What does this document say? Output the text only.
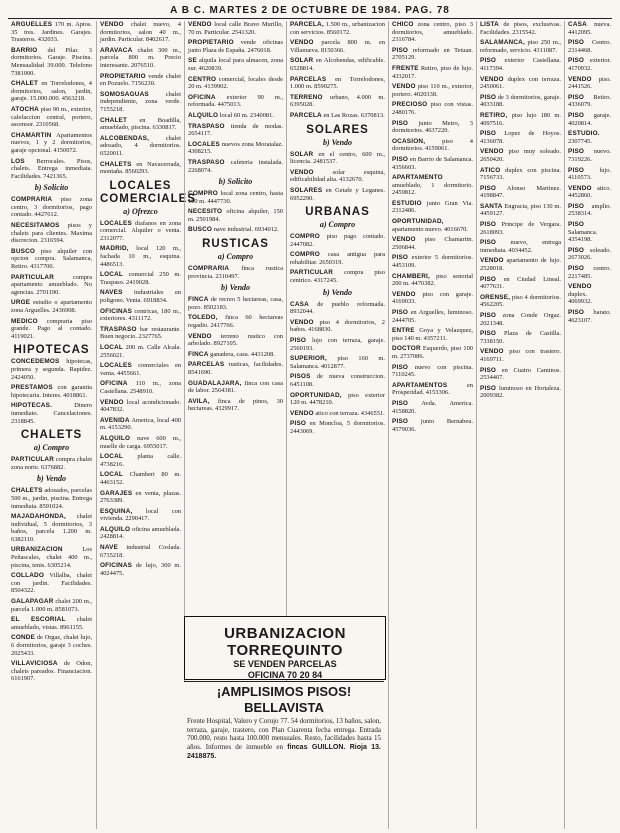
A B C. MARTES 2 DE OCTUBRE DE 1984. PAG. 78
ARGUELLES 170 m. Aptos. 35 tres. Jardines. Garajes. Trasteros. 432033.
BARRIO del Pilar. 3 dormitorios. Garaje. Piscina. Mensualidad 39.000. Telefono 7381000.
CHALET en Torrelodones, 4 dormitorios, salon, jardin, garaje. 15.000.000. 4563218.
ATOCHA piso 90 m., exterior, calefaccion central, portero, ascensor. 2310568.
CHAMARTIN Apartamentos nuevos, 1 y 2 dormitorios, garaje opcional. 4150072.
LOS Berrocales. Pisos, chalets. Entrega inmediata. Facilidades. 7421365.
b) Solicito
COMPRARIA piso zona centro, 3 dormitorios, pago contado. 4427612.
NECESITAMOS pisos y chalets para clientes. Maxima discrecion. 2316594.
BUSCO piso alquiler con opcion compra. Salamanca, Retiro. 4317700.
PARTICULAR	compra apartamento amueblado. No agencias. 2701190.
URGE estudio o apartamento zona Arguelles. 2436908.
MEDICO compraria piso grande. Pago al contado. 4119021.
HIPOTECAS
CONCEDEMOS hipotecas, primera y segunda. Rapidez. 2424050.
PRESTAMOS con garantia hipotecaria. Interes. 4018861.
HIPOTECAS.	Dinero inmediato. Cancelaciones. 2318845.
CHALETS
a) Compro
PARTICULAR compra chalet zona norte. 6376882.
b) Vendo
CHALETS adosados, parcelas 500 m., jardin, piscina. Entrega inmediata. 8591024.
MAJADAHONDA, chalet individual, 5 dormitorios, 3 baños, parcela 1.200 m. 6382110.
URBANIZACION	Los Peñascales, chalet 400 m., piscina, tenis. 6305214.
COLLADO Villalba, chalet con jardin. Facilidades. 8504322.
GALAPAGAR chalet 200 m., parcela 1.000 m. 8581073.
EL ESCORIAL chalet amueblado, vistas. 8961155.
CONDE de Orgaz, chalet lujo, 6 dormitorios, garaje 3 coches. 2025433.
VILLAVICIOSA de Odon, chalets pareados. Financiacion. 6161907.
VENDO chalet nuevo, 4 dormitorios, salon 40 m., jardin. Particular. 8402617.
ARAVACA chalet 300 m., parcela 800 m. Precio interesante. 2076510.
PROPIETARIO vende chalet en Pozuelo. 7156230.
SOMOSAGUAS	chalet independiente, zona verde. 7155218.
CHALET en Boadilla, amueblado, piscina. 6330817.
ALCOBENDAS,	chalet adosado, 4 dormitorios. 6520011.
CHALETS en Navacerrada, montaña. 8560293.
LOCALES COMERCIALES
a) Ofrezco
LOCALES diafanos en zona comercial. Alquiler o venta. 2312077.
MADRID, local 120 m., fachada 10 m., esquina. 4486513.
LOCAL comercial 250 m. Traspaso. 2419028.
NAVES industriales en poligono. Venta. 6918834.
OFICINAS centricas, 180 m., exteriores. 4311172.
TRASPASO bar restaurante. Buen negocio. 2327765.
LOCAL 200 m. Calle Alcala. 2556021.
LOCALES comerciales en venta. 4455661.
OFICINA 110 m., zona Castellana. 2548910.
VENDO local acondicionado. 4047832.
AVENIDA America, local 400 m. 4153290.
ALQUILO nave 600 m., muelle de carga. 6955017.
LOCAL planta calle. 4738216.
LOCAL Chamberi 80 m. 4463152.
GARAJES en venta, plazas. 2763389.
ESQUINA, local con vivienda. 2290417.
ALQUILO oficina amueblada. 2428814.
NAVE industrial Coslada. 6735218.
OFICINAS de lujo, 300 m. 4024475.
VENDO local calle Bravo Murillo, 70 m. Particular. 2541320.
PROPIETARIO vende oficinas junto Plaza de España. 2476018.
SE alquila local para almacen, zona sur. 4620839.
CENTRO comercial, locales desde 20 m. 4139902.
OFICINA exterior 90 m., reformada. 4475013.
ALQUILO local 60 m. 2340081.
TRASPASO tienda de modas. 2654117.
LOCALES nuevos zona Moratalaz. 4308215.
TRASPASO cafeteria instalada. 2268074.
b) Solicito
COMPRO local zona centro, hasta 100 m. 4447730.
NECESITO oficina alquiler, 150 m. 2501984.
BUSCO nave industrial. 6934012.
RUSTICAS
a) Compro
COMPRARIA finca rustica provincia. 2310497.
b) Vendo
FINCA de recreo 5 hectareas, casa, pozo. 8502183.
TOLEDO, finca 60 hectareas regadio. 2417766.
VENDO terreno rustico con arbolado. 8927105.
FINCA ganadera, caza. 4431208.
PARCELAS rusticas, facilidades. 8541690.
GUADALAJARA, finca con casa de labor. 2564381.
AVILA, finca de pinos, 30 hectareas. 4329917.
PARCELA, 1.500 m., urbanizacion con servicios. 8560172.
VENDO parcela 800 m. en Villanueva. 8150366.
SOLAR en Alcobendas, edificable. 6528814.
PARCELAS en Torrelodones, 1.000 m. 8590275.
TERRENO urbano, 4.000 m. 6395028.
PARCELA en Las Rozas. 6370813.
SOLARES
b) Vendo
SOLAR en el centro, 600 m., licencia. 2481537.
VENDO	solar esquina, edificabilidad alta. 4132670.
SOLARES en Getafe y Leganes. 6952290.
URBANAS
a) Compro
COMPRO piso pago contado. 2447082.
COMPRO casa antigua para rehabilitar. 2650319.
PARTICULAR compra piso centrico. 4317245.
b) Vendo
CASA de pueblo reformada. 8932044.
VENDO piso 4 dormitorios, 2 baños. 4168830.
PISO lujo con terraza, garaje. 2560193.
SUPERIOR, piso 160 m. Salamanca. 4012877.
PISOS de nueva construccion. 6451108.
OPORTUNIDAD, piso exterior 120 m. 4478210.
VENDO atico con terraza. 4346551.
PISO en Moncloa, 5 dormitorios. 2443069.
CHICO zona centro, piso 3 dormitorios, amueblado. 2316784.
PISO reformado en Tetuan. 2705129.
FRENTE Retiro, piso de lujo. 4332017.
VENDO piso 110 m., exterior, portero. 4020338.
PRECIOSO piso con vistas. 2480176.
PISO junto Metro, 3 dormitorios. 4637220.
OCASION,	piso 4 dormitorios. 4159061.
PISO en Barrio de Salamanca. 4356603.
APARTAMENTO amueblado, 1 dormitorio. 2459812.
ESTUDIO junto Gran Via. 2312486.
OPORTUNIDAD, apartamento nuevo. 4016670.
VENDO piso Chamartin. 2506844.
PISO exterior 5 dormitorios. 4453109.
CHAMBERI, piso senorial 200 m. 4470382.
VENDO piso con garaje. 4169033.
PISO en Arguelles, luminoso. 2444705.
ENTRE Goya y Velazquez, piso 140 m. 4357211.
DOCTOR Esquerdo, piso 100 m. 2737086.
PISO nuevo con piscina. 7110245.
APARTAMENTOS	en Prosperidad. 4153306.
PISO Avda. America. 4158820.
PISO junto Bernabeu. 4579036.
LISTA de pisos, exclusivas. Facilidades. 2315542.
SALAMANCA, piso 250 m., reformado, servicio. 4311087.
PISO exterior Castellana. 4117394.
VENDO duplex con terraza. 2450061.
PISO de 3 dormitorios, garaje. 4033188.
RETIRO, piso lujo 180 m. 4097516.
PISO Lopez de Hoyos. 4136078.
VENDO piso muy soleado. 2650420.
ATICO duplex con piscina. 7156733.
PISO Alonso Martinez. 4198847.
SANTA Engracia, piso 130 m. 4459127.
PISO Principe de Vergara. 2618093.
PISO nuevo, entrega inmediata. 4034452.
VENDO apartamento de lujo. 2528018.
PISO en Ciudad Lineal. 4077631.
ORENSE, piso 4 dormitorios. 4562205.
PISO zona Conde Orgaz. 2021348.
PISO Plaza de Castilla. 7338150.
VENDO piso con trastero. 4169711.
PISO en Cuatro Caminos. 2534407.
PISO luminoso en Hortaleza. 2009382.
CASA nueva. 4412095.
PISO Centro. 2314468.
PISO exterior. 4170932.
VENDO piso. 2441526.
PISO Retiro. 4336079.
PISO garaje. 4020814.
ESTUDIO. 2307745.
PISO nuevo. 7319226.
PISO lujo. 4110573.
VENDO atico. 4452860.
PISO amplio. 2538314.
PISO Salamanca. 4354198.
PISO soleado. 2673026.
PISO centro. 2217485.
VENDO duplex. 4069932.
PISO barato. 4623107.
URBANIZACION
TORREQUINTO
SE VENDEN PARCELAS
OFICINA 70 20 84
¡AMPLISIMOS PISOS! BELLAVISTA
Frente Hospital, Valero y Corujo 77. 54 dormitorios, 13 baños, salon, terraza, garaje, trastero, con Plan Cuarenta fecha entrega. Entrada 700.000, resto hasta 100.000 mensuales. Resto, facilidades hasta 15 años. Informes de inmueble en fincas GUILLON. Rioja 13. 2418875.
